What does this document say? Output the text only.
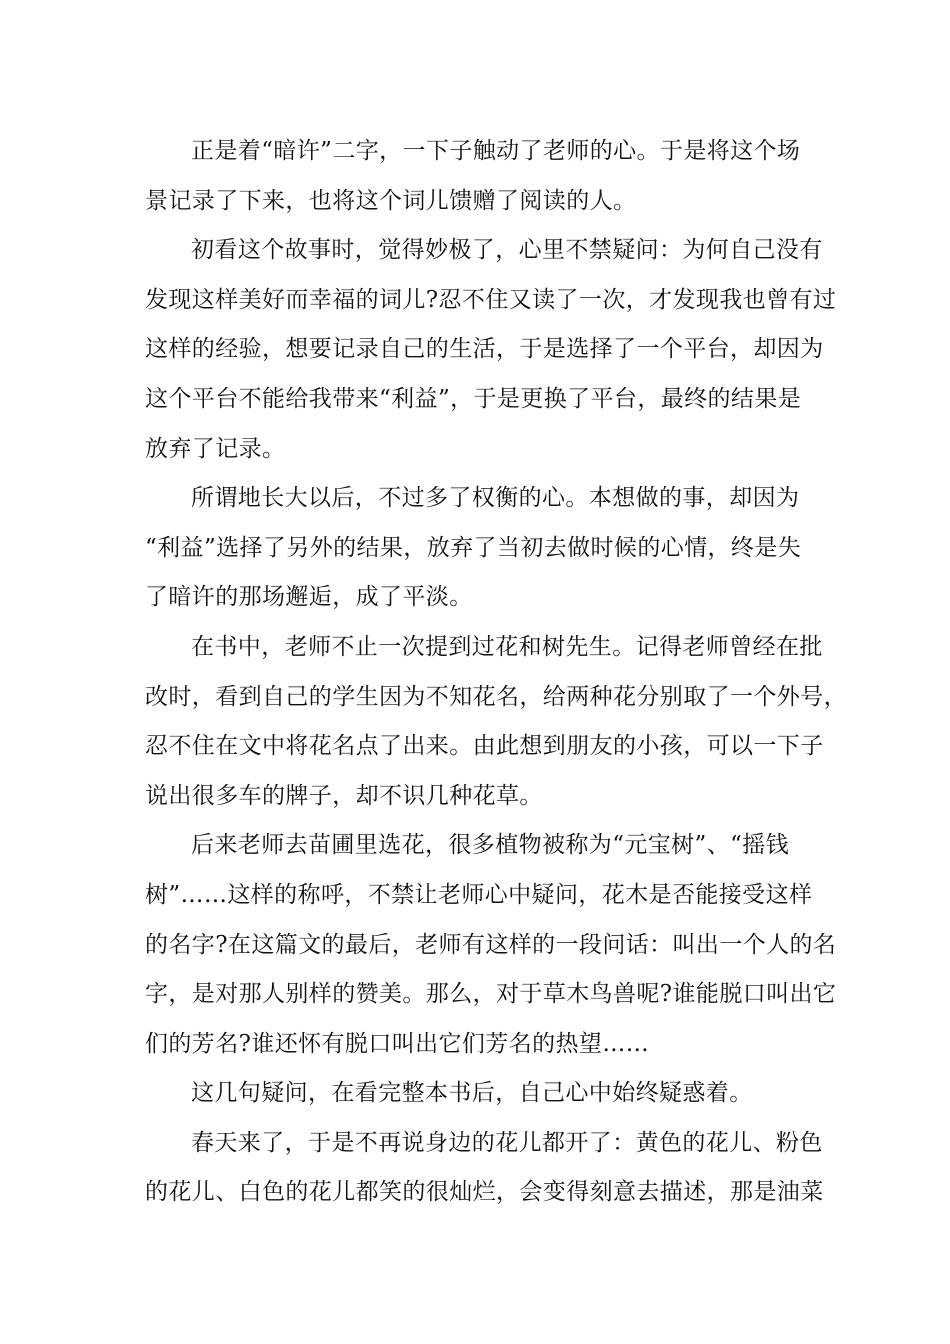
正是着“暗许”二字，一下子触动了老师的心。于是将这个场
景记录了下来，也将这个词儿馈赠了阅读的人。
初看这个故事时，觉得妙极了，心里不禁疑问：为何自己没有
发现这样美好而幸福的词儿?忍不住又读了一次，才发现我也曾有过
这样的经验，想要记录自己的生活，于是选择了一个平台，却因为
这个平台不能给我带来“利益”，于是更换了平台，最终的结果是
放弃了记录。
所谓地长大以后，不过多了权衡的心。本想做的事，却因为
“利益”选择了另外的结果，放弃了当初去做时候的心情，终是失
了暗许的那场邂逅，成了平淡。
在书中，老师不止一次提到过花和树先生。记得老师曾经在批
改时，看到自己的学生因为不知花名，给两种花分别取了一个外号，
忍不住在文中将花名点了出来。由此想到朋友的小孩，可以一下子
说出很多车的牌子，却不识几种花草。
后来老师去苗圃里选花，很多植物被称为“元宝树”、“摇钱
树”……这样的称呼，不禁让老师心中疑问，花木是否能接受这样
的名字?在这篇文的最后，老师有这样的一段问话：叫出一个人的名
字，是对那人别样的赞美。那么，对于草木鸟兽呢?谁能脱口叫出它
们的芳名?谁还怀有脱口叫出它们芳名的热望……
这几句疑问，在看完整本书后，自己心中始终疑惑着。
春天来了，于是不再说身边的花儿都开了：黄色的花儿、粉色
的花儿、白色的花儿都笑的很灿烂，会变得刻意去描述，那是油菜
